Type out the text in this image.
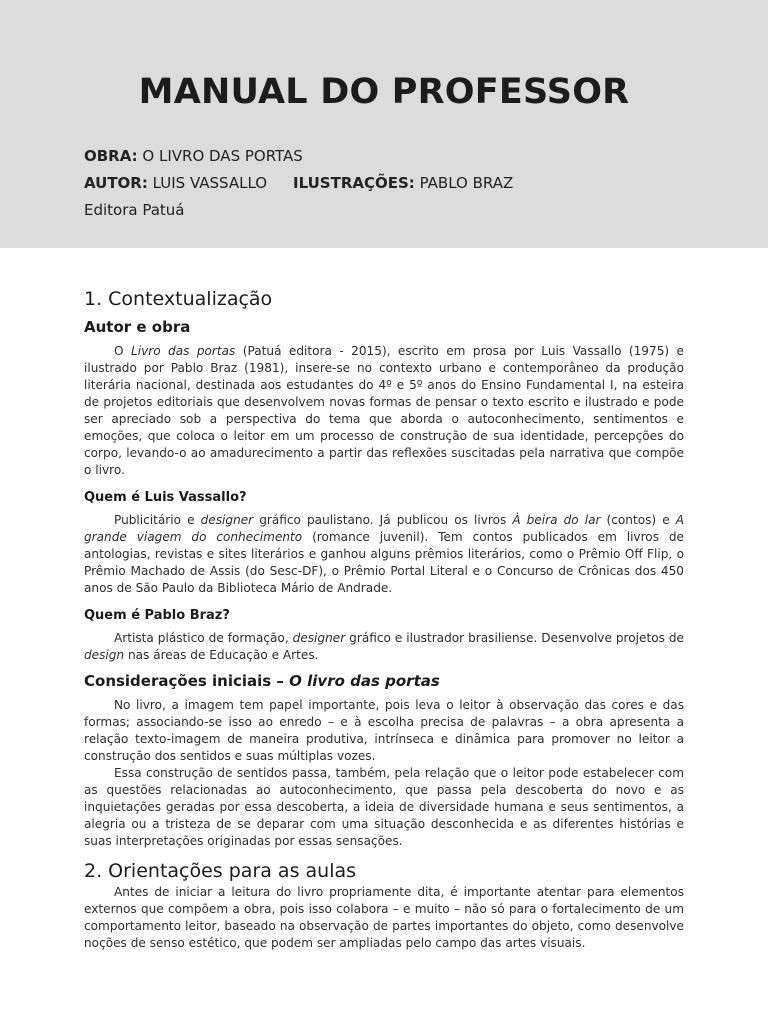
MANUAL DO PROFESSOR
OBRA: O LIVRO DAS PORTAS
AUTOR: LUIS VASSALLO ILUSTRAÇÕES: PABLO BRAZ
Editora Patuá
1. Contextualização
Autor e obra

O Livro das portas (Patuá editora - 2015), escrito em prosa por Luis Vassallo (1975) e ilustrado por Pablo Braz (1981), insere-se no contexto urbano e contemporâneo da produção literária nacional, destinada aos estudantes do 4º e 5º anos do Ensino Fundamental I, na esteira de projetos editoriais que desenvolvem novas formas de pensar o texto escrito e ilustrado e pode ser apreciado sob a perspectiva do tema que aborda o autoconhecimento, sentimentos e emoções, que coloca o leitor em um processo de construção de sua identidade, percepções do corpo, levando-o ao amadurecimento a partir das reflexões suscitadas pela narrativa que compõe o livro.

Quem é Luis Vassallo?

Publicitário e designer gráfico paulistano. Já publicou os livros À beira do lar (contos) e A grande viagem do conhecimento (romance juvenil). Tem contos publicados em livros de antologias, revistas e sites literários e ganhou alguns prêmios literários, como o Prêmio Off Flip, o Prêmio Machado de Assis (do Sesc-DF), o Prêmio Portal Literal e o Concurso de Crônicas dos 450 anos de São Paulo da Biblioteca Mário de Andrade.

Quem é Pablo Braz?

Artista plástico de formação, designer gráfico e ilustrador brasiliense. Desenvolve projetos de design nas áreas de Educação e Artes.

Considerações iniciais – O livro das portas

No livro, a imagem tem papel importante, pois leva o leitor à observação das cores e das formas; associando-se isso ao enredo – e à escolha precisa de palavras – a obra apresenta a relação texto-imagem de maneira produtiva, intrínseca e dinâmica para promover no leitor a construção dos sentidos e suas múltiplas vozes.

Essa construção de sentidos passa, também, pela relação que o leitor pode estabelecer com as questões relacionadas ao autoconhecimento, que passa pela descoberta do novo e as inquietações geradas por essa descoberta, a ideia de diversidade humana e seus sentimentos, a alegria ou a tristeza de se deparar com uma situação desconhecida e as diferentes histórias e suas interpretações originadas por essas sensações.

2. Orientações para as aulas

Antes de iniciar a leitura do livro propriamente dita, é importante atentar para elementos externos que compõem a obra, pois isso colabora – e muito – não só para o fortalecimento de um comportamento leitor, baseado na observação de partes importantes do objeto, como desenvolve noções de senso estético, que podem ser ampliadas pelo campo das artes visuais.
